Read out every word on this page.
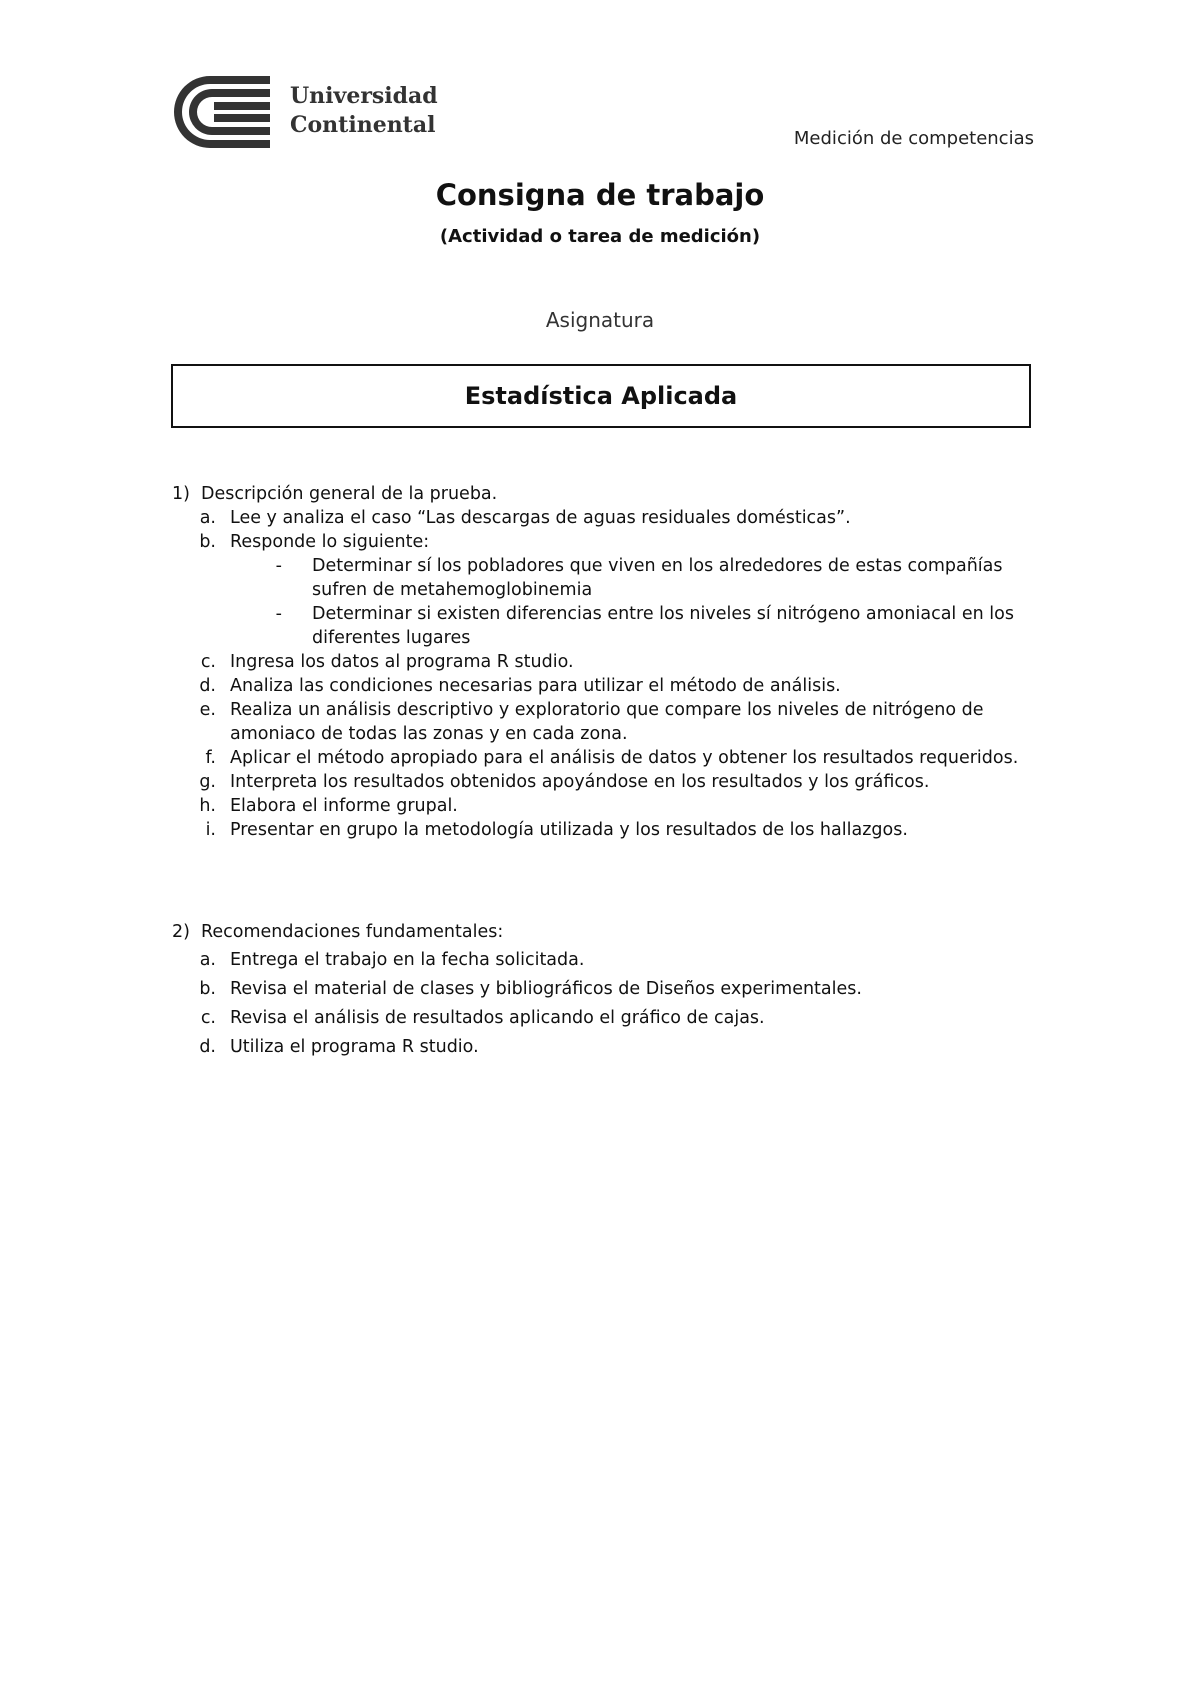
Universidad
Continental
Medición de competencias
Consigna de trabajo
(Actividad o tarea de medición)
Asignatura
Estadística Aplicada
1) Descripción general de la prueba.
a. Lee y analiza el caso “Las descargas de aguas residuales domésticas”.
b. Responde lo siguiente:
-	Determinar sí los pobladores que viven en los alrededores de estas compañías sufren de metahemoglobinemia
-	Determinar si existen diferencias entre los niveles sí nitrógeno amoniacal en los diferentes lugares
c. Ingresa los datos al programa R studio.
d. Analiza las condiciones necesarias para utilizar el método de análisis.
e. Realiza un análisis descriptivo y exploratorio que compare los niveles de nitrógeno de amoniaco de todas las zonas y en cada zona.
f. Aplicar el método apropiado para el análisis de datos y obtener los resultados requeridos.
g. Interpreta los resultados obtenidos apoyándose en los resultados y los gráficos.
h. Elabora el informe grupal.
i. Presentar en grupo la metodología utilizada y los resultados de los hallazgos.
2) Recomendaciones fundamentales:
a. Entrega el trabajo en la fecha solicitada.
b. Revisa el material de clases y bibliográficos de Diseños experimentales.
c. Revisa el análisis de resultados aplicando el gráfico de cajas.
d. Utiliza el programa R studio.
